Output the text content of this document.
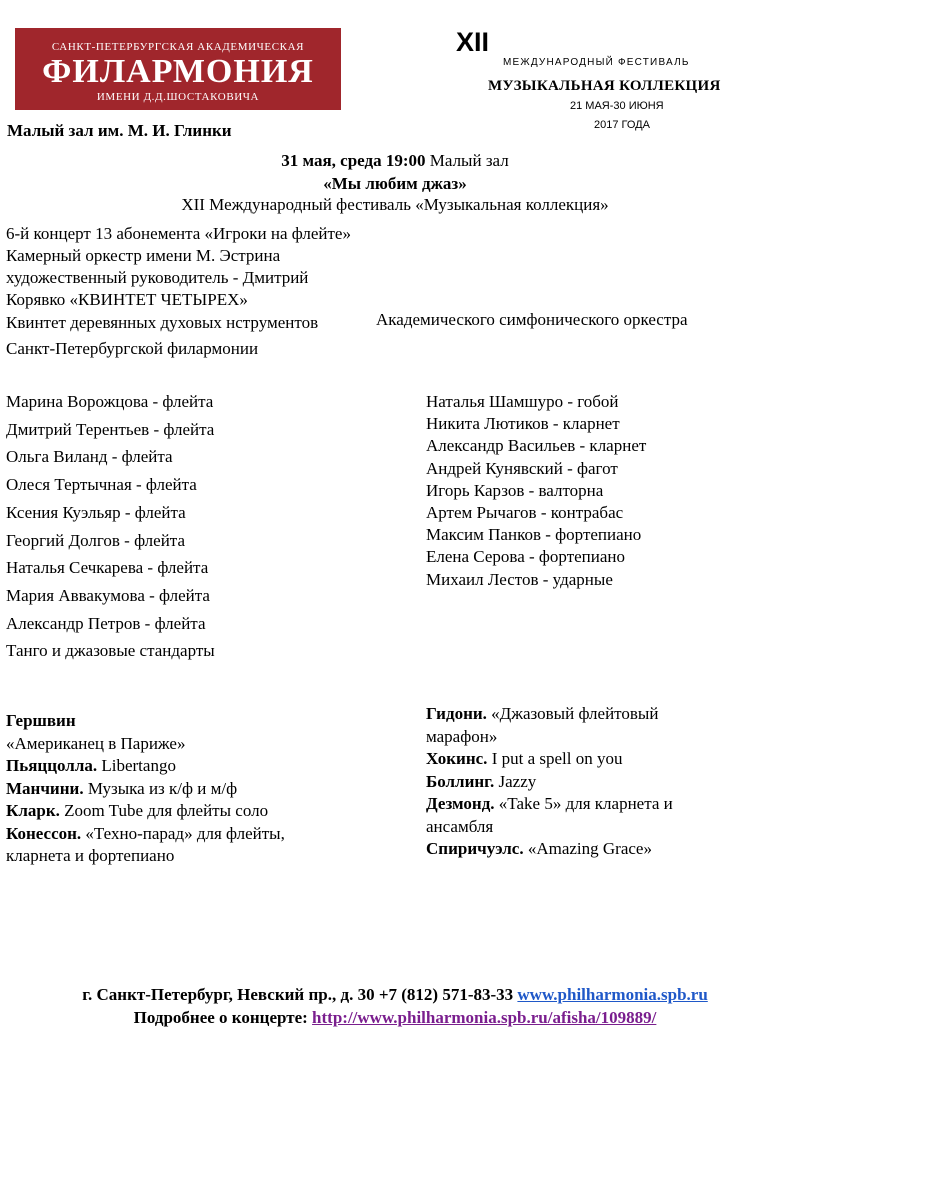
САНКТ-ПЕТЕРБУРГСКАЯ АКАДЕМИЧЕСКАЯ
ФИЛАРМОНИЯ
ИМЕНИ Д.Д.ШОСТАКОВИЧА
XII
МЕЖДУНАРОДНЫЙ ФЕСТИВАЛЬ
МУЗЫКАЛЬНАЯ КОЛЛЕКЦИЯ
21 МАЯ-30 ИЮНЯ
2017 ГОДА
Малый зал им. М. И. Глинки
31 мая, среда 19:00 Малый зал
«Мы любим джаз»
XII Международный фестиваль «Музыкальная коллекция»
6-й концерт 13 абонемента «Игроки на флейте»
Камерный оркестр имени М. Эстрина
художественный руководитель - Дмитрий
Корявко «КВИНТЕТ ЧЕТЫРЕХ»
Квинтет деревянных духовых нструментов	Академического симфонического оркестра
Санкт-Петербургской филармонии
Марина Ворожцова - флейта
Дмитрий Терентьев - флейта
Ольга Виланд - флейта
Олеся Тертычная - флейта
Ксения Куэльяр - флейта
Георгий Долгов - флейта
Наталья Сечкарева - флейта
Мария Аввакумова - флейта
Александр Петров - флейта
Танго и джазовые стандарты
Наталья Шамшуро - гобой
Никита Лютиков - кларнет
Александр Васильев - кларнет
Андрей Кунявский - фагот
Игорь Карзов - валторна
Артем Рычагов - контрабас
Максим Панков - фортепиано
Елена Серова - фортепиано
Михаил Лестов - ударные
Гершвин
«Американец в Париже»
Пьяццолла. Libertango
Манчини. Музыка из к/ф и м/ф
Кларк. Zoom Tube для флейты соло
Конессон. «Техно-парад» для флейты,
кларнета и фортепиано
Гидони. «Джазовый флейтовый
марафон»
Хокинс. I put a spell on you
Боллинг. Jazzy
Дезмонд. «Take 5» для кларнета и
ансамбля
Спиричуэлс. «Amazing Grace»
г. Санкт-Петербург, Невский пр., д. 30 +7 (812) 571-83-33 www.philharmonia.spb.ru
Подробнее о концерте: http://www.philharmonia.spb.ru/afisha/109889/
